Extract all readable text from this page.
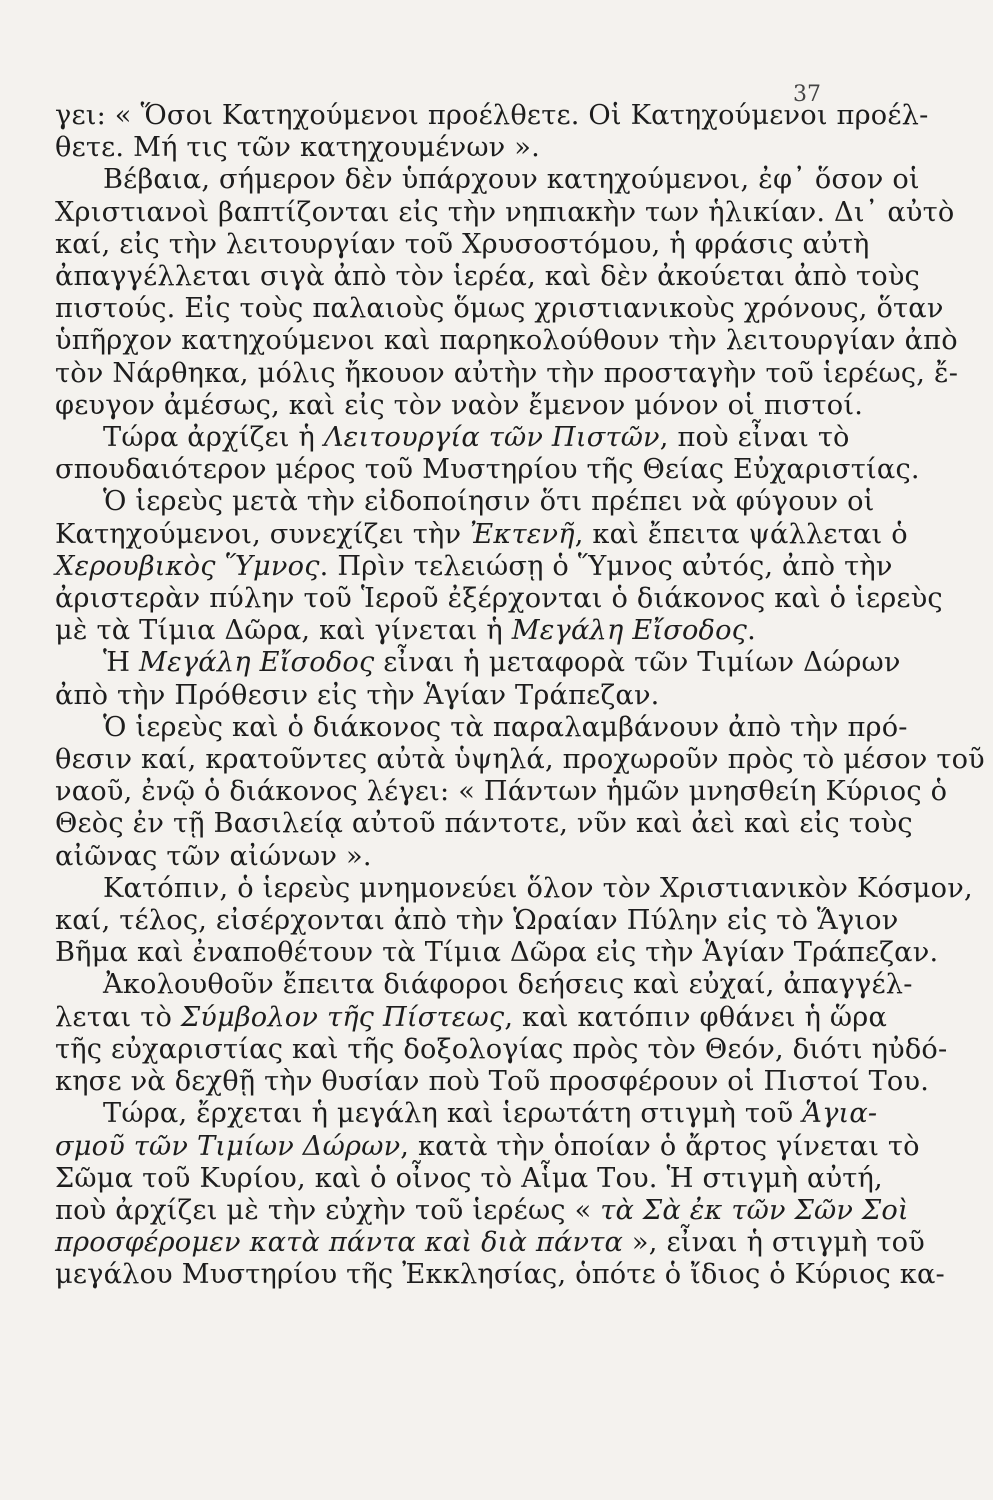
37
γει: « Ὅσοι Κατηχούμενοι προέλθετε. Οἱ Κατηχούμενοι προέλ-
θετε. Μή τις τῶν κατηχουμένων ».
Βέβαια, σήμερον δὲν ὑπάρχουν κατηχούμενοι, ἐφ᾿ ὅσον οἱ
Χριστιανοὶ βαπτίζονται εἰς τὴν νηπιακὴν των ἡλικίαν. Δι᾿ αὐτὸ
καί, εἰς τὴν λειτουργίαν τοῦ Χρυσοστόμου, ἡ φράσις αὐτὴ
ἀπαγγέλλεται σιγὰ ἀπὸ τὸν ἱερέα, καὶ δὲν ἀκούεται ἀπὸ τοὺς
πιστούς. Εἰς τοὺς παλαιοὺς ὅμως χριστιανικοὺς χρόνους, ὅταν
ὑπῆρχον κατηχούμενοι καὶ παρηκολούθουν τὴν λειτουργίαν ἀπὸ
τὸν Νάρθηκα, μόλις ἤκουον αὐτὴν τὴν προσταγὴν τοῦ ἱερέως, ἔ-
φευγον ἀμέσως, καὶ εἰς τὸν ναὸν ἔμενον μόνον οἱ πιστοί.
Τώρα ἀρχίζει ἡ Λειτουργία τῶν Πιστῶν, ποὺ εἶναι τὸ
σπουδαιότερον μέρος τοῦ Μυστηρίου τῆς Θείας Εὐχαριστίας.
Ὁ ἱερεὺς μετὰ τὴν εἰδοποίησιν ὅτι πρέπει νὰ φύγουν οἱ
Κατηχούμενοι, συνεχίζει τὴν Ἐκτενῆ, καὶ ἔπειτα ψάλλεται ὁ
Χερουβικὸς Ὕμνος. Πρὶν τελειώσῃ ὁ Ὕμνος αὐτός, ἀπὸ τὴν
ἀριστερὰν πύλην τοῦ Ἱεροῦ ἐξέρχονται ὁ διάκονος καὶ ὁ ἱερεὺς
μὲ τὰ Τίμια Δῶρα, καὶ γίνεται ἡ Μεγάλη Εἴσοδος.
Ἡ Μεγάλη Εἴσοδος εἶναι ἡ μεταφορὰ τῶν Τιμίων Δώρων
ἀπὸ τὴν Πρόθεσιν εἰς τὴν Ἁγίαν Τράπεζαν.
Ὁ ἱερεὺς καὶ ὁ διάκονος τὰ παραλαμβάνουν ἀπὸ τὴν πρό-
θεσιν καί, κρατοῦντες αὐτὰ ὑψηλά, προχωροῦν πρὸς τὸ μέσον τοῦ
ναοῦ, ἐνῷ ὁ διάκονος λέγει: « Πάντων ἡμῶν μνησθείη Κύριος ὁ
Θεὸς ἐν τῇ Βασιλείᾳ αὐτοῦ πάντοτε, νῦν καὶ ἀεὶ καὶ εἰς τοὺς
αἰῶνας τῶν αἰώνων ».
Κατόπιν, ὁ ἱερεὺς μνημονεύει ὅλον τὸν Χριστιανικὸν Κόσμον,
καί, τέλος, εἰσέρχονται ἀπὸ τὴν Ὡραίαν Πύλην εἰς τὸ Ἅγιον
Βῆμα καὶ ἐναποθέτουν τὰ Τίμια Δῶρα εἰς τὴν Ἁγίαν Τράπεζαν.
Ἀκολουθοῦν ἔπειτα διάφοροι δεήσεις καὶ εὐχαί, ἀπαγγέλ-
λεται τὸ Σύμβολον τῆς Πίστεως, καὶ κατόπιν φθάνει ἡ ὥρα
τῆς εὐχαριστίας καὶ τῆς δοξολογίας πρὸς τὸν Θεόν, διότι ηὐδό-
κησε νὰ δεχθῇ τὴν θυσίαν ποὺ Τοῦ προσφέρουν οἱ Πιστοί Του.
Τώρα, ἔρχεται ἡ μεγάλη καὶ ἱερωτάτη στιγμὴ τοῦ Ἁγια-
σμοῦ τῶν Τιμίων Δώρων, κατὰ τὴν ὁποίαν ὁ ἄρτος γίνεται τὸ
Σῶμα τοῦ Κυρίου, καὶ ὁ οἶνος τὸ Αἷμα Του. Ἡ στιγμὴ αὐτή,
ποὺ ἀρχίζει μὲ τὴν εὐχὴν τοῦ ἱερέως « τὰ Σὰ ἐκ τῶν Σῶν Σοὶ
προσφέρομεν κατὰ πάντα καὶ διὰ πάντα », εἶναι ἡ στιγμὴ τοῦ
μεγάλου Μυστηρίου τῆς Ἐκκλησίας, ὁπότε ὁ ἴδιος ὁ Κύριος κα-
